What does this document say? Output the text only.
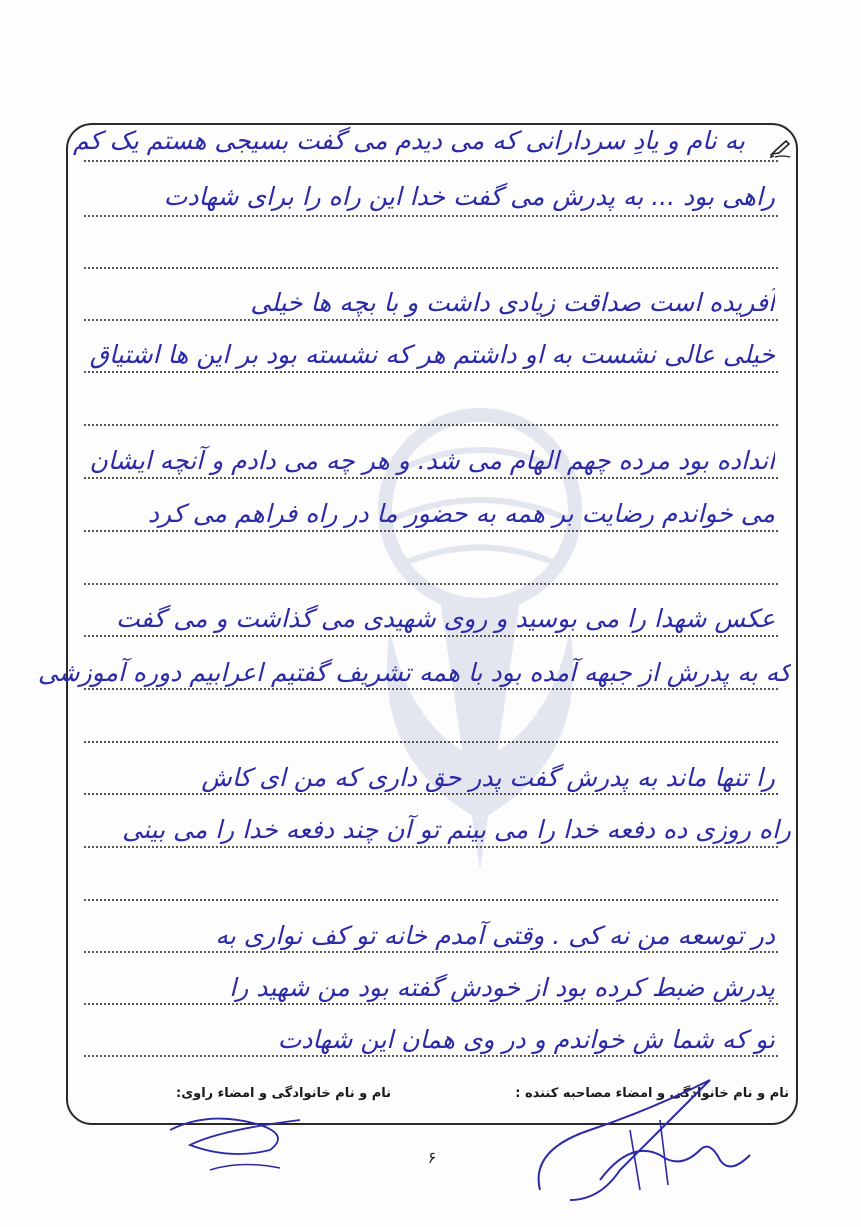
به نام و یادِ سردارانی که می دیدم می گفت بسیجی هستم یک کم
راهی بود ... به پدرش می گفت خدا این راه را برای شهادت
آفریده است صداقت زیادی داشت و با بچه ها خیلی
خیلی عالی نشست به او داشتم هر که نشسته بود بر این ها اشتیاق
انداده بود مرده چهم الهام می شد. و هر چه می دادم و آنچه ایشان
می خواندم رضایت بر همه به حضور ما در راه فراهم می کرد
عکس شهدا را می بوسید و روی شهیدی می گذاشت و می گفت
که به پدرش از جبهه آمده بود با همه تشریف گفتیم اعرابیم دوره آموزشی
را تنها ماند به پدرش گفت پدر حق داری که من ای کاش
راه روزی ده دفعه خدا را می بینم تو آن چند دفعه خدا را می بینی
در توسعه من نه کی . وقتی آمدم خانه تو کف نواری به
پدرش ضبط کرده بود از خودش گفته بود من شهید را
تو که شما ش خواندم و در وی همان این شهادت
نام و نام خانوادگی و امضاء مصاحبه کننده :
نام و نام خانوادگی و امضاء راوی:
۶
